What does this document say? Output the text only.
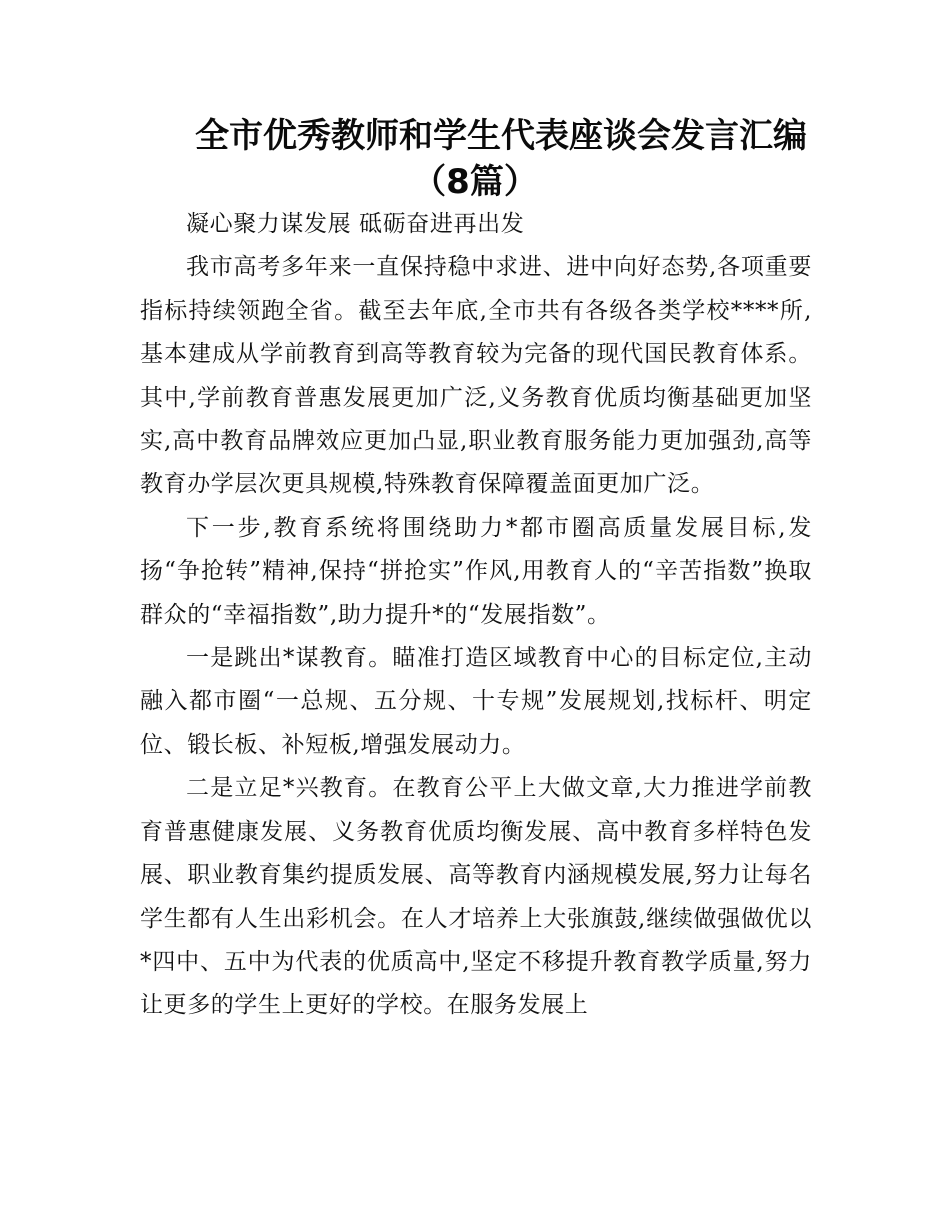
全市优秀教师和学生代表座谈会发言汇编
（8篇）

凝心聚力谋发展 砥砺奋进再出发

我市高考多年来一直保持稳中求进、进中向好态势,各项重要指标持续领跑全省。截至去年底,全市共有各级各类学校****所,基本建成从学前教育到高等教育较为完备的现代国民教育体系。其中,学前教育普惠发展更加广泛,义务教育优质均衡基础更加坚实,高中教育品牌效应更加凸显,职业教育服务能力更加强劲,高等教育办学层次更具规模,特殊教育保障覆盖面更加广泛。

下一步,教育系统将围绕助力*都市圈高质量发展目标,发扬“争抢转”精神,保持“拼抢实”作风,用教育人的“辛苦指数”换取群众的“幸福指数”,助力提升*的“发展指数”。

一是跳出*谋教育。瞄准打造区域教育中心的目标定位,主动融入都市圈“一总规、五分规、十专规”发展规划,找标杆、明定位、锻长板、补短板,增强发展动力。

二是立足*兴教育。在教育公平上大做文章,大力推进学前教育普惠健康发展、义务教育优质均衡发展、高中教育多样特色发展、职业教育集约提质发展、高等教育内涵规模发展,努力让每名学生都有人生出彩机会。在人才培养上大张旗鼓,继续做强做优以*四中、五中为代表的优质高中,坚定不移提升教育教学质量,努力让更多的学生上更好的学校。在服务发展上
